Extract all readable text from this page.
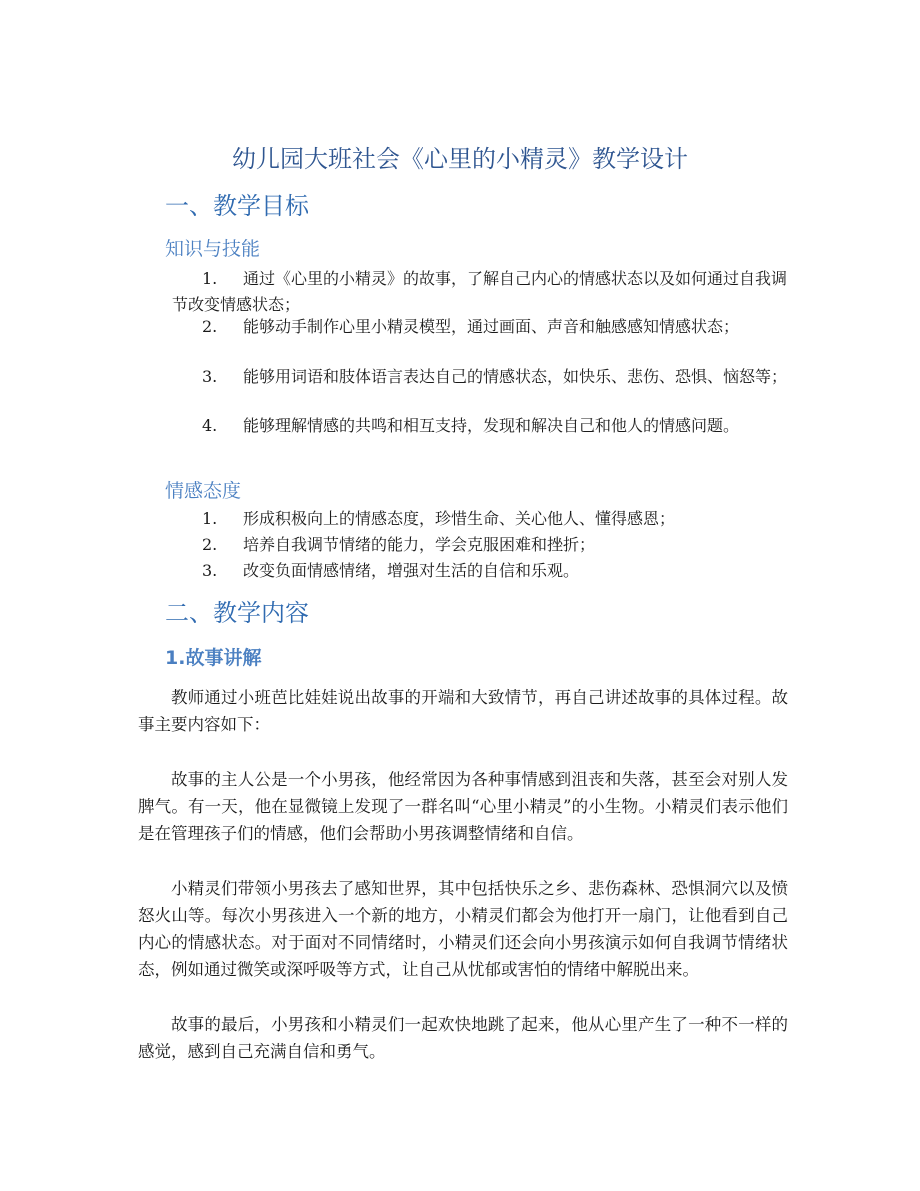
幼儿园大班社会《心里的小精灵》教学设计
一、教学目标
知识与技能
1.	通过《心里的小精灵》的故事，了解自己内心的情感状态以及如何通过自我调节改变情感状态；
2.	能够动手制作心里小精灵模型，通过画面、声音和触感感知情感状态；
3.	能够用词语和肢体语言表达自己的情感状态，如快乐、悲伤、恐惧、恼怒等；
4.	能够理解情感的共鸣和相互支持，发现和解决自己和他人的情感问题。
情感态度
1.	形成积极向上的情感态度，珍惜生命、关心他人、懂得感恩；
2.	培养自我调节情绪的能力，学会克服困难和挫折；
3.	改变负面情感情绪，增强对生活的自信和乐观。
二、教学内容
1.故事讲解

教师通过小班芭比娃娃说出故事的开端和大致情节，再自己讲述故事的具体过程。故事主要内容如下：

故事的主人公是一个小男孩，他经常因为各种事情感到沮丧和失落，甚至会对别人发脾气。有一天，他在显微镜上发现了一群名叫“心里小精灵”的小生物。小精灵们表示他们是在管理孩子们的情感，他们会帮助小男孩调整情绪和自信。

小精灵们带领小男孩去了感知世界，其中包括快乐之乡、悲伤森林、恐惧洞穴以及愤怒火山等。每次小男孩进入一个新的地方，小精灵们都会为他打开一扇门，让他看到自己内心的情感状态。对于面对不同情绪时，小精灵们还会向小男孩演示如何自我调节情绪状态，例如通过微笑或深呼吸等方式，让自己从忧郁或害怕的情绪中解脱出来。

故事的最后，小男孩和小精灵们一起欢快地跳了起来，他从心里产生了一种不一样的感觉，感到自己充满自信和勇气。
